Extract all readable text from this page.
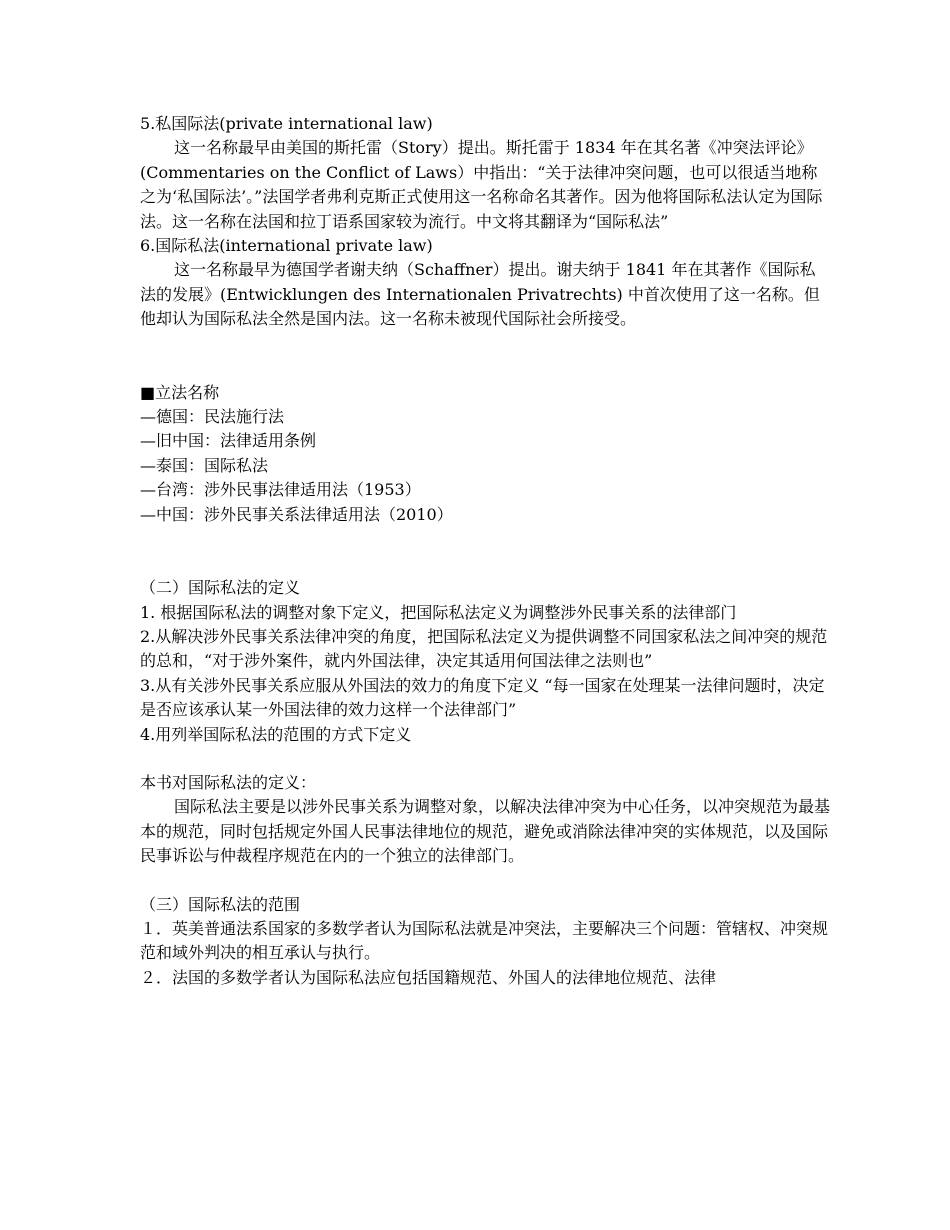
5.私国际法(private international law)

这一名称最早由美国的斯托雷（Story）提出。斯托雷于 1834 年在其名著《冲突法评论》(Commentaries on the Conflict of Laws）中指出：“关于法律冲突问题，也可以很适当地称之为‘私国际法’。”法国学者弗利克斯正式使用这一名称命名其著作。因为他将国际私法认定为国际法。这一名称在法国和拉丁语系国家较为流行。中文将其翻译为“国际私法”

6.国际私法(international private law)

这一名称最早为德国学者谢夫纳（Schaffner）提出。谢夫纳于 1841 年在其著作《国际私法的发展》(Entwicklungen des Internationalen Privatrechts) 中首次使用了这一名称。但他却认为国际私法全然是国内法。这一名称未被现代国际社会所接受。

■立法名称

—德国：民法施行法

—旧中国：法律适用条例

—泰国：国际私法

—台湾：涉外民事法律适用法（1953）

—中国：涉外民事关系法律适用法（2010）

（二）国际私法的定义

1. 根据国际私法的调整对象下定义，把国际私法定义为调整涉外民事关系的法律部门

2.从解决涉外民事关系法律冲突的角度，把国际私法定义为提供调整不同国家私法之间冲突的规范的总和，“对于涉外案件，就内外国法律，决定其适用何国法律之法则也”

3.从有关涉外民事关系应服从外国法的效力的角度下定义 “每一国家在处理某一法律问题时，决定是否应该承认某一外国法律的效力这样一个法律部门”

4.用列举国际私法的范围的方式下定义

本书对国际私法的定义：

国际私法主要是以涉外民事关系为调整对象，以解决法律冲突为中心任务，以冲突规范为最基本的规范，同时包括规定外国人民事法律地位的规范，避免或消除法律冲突的实体规范，以及国际民事诉讼与仲裁程序规范在内的一个独立的法律部门。

（三）国际私法的范围

１．英美普通法系国家的多数学者认为国际私法就是冲突法，主要解决三个问题：管辖权、冲突规范和域外判决的相互承认与执行。

２．法国的多数学者认为国际私法应包括国籍规范、外国人的法律地位规范、法律
